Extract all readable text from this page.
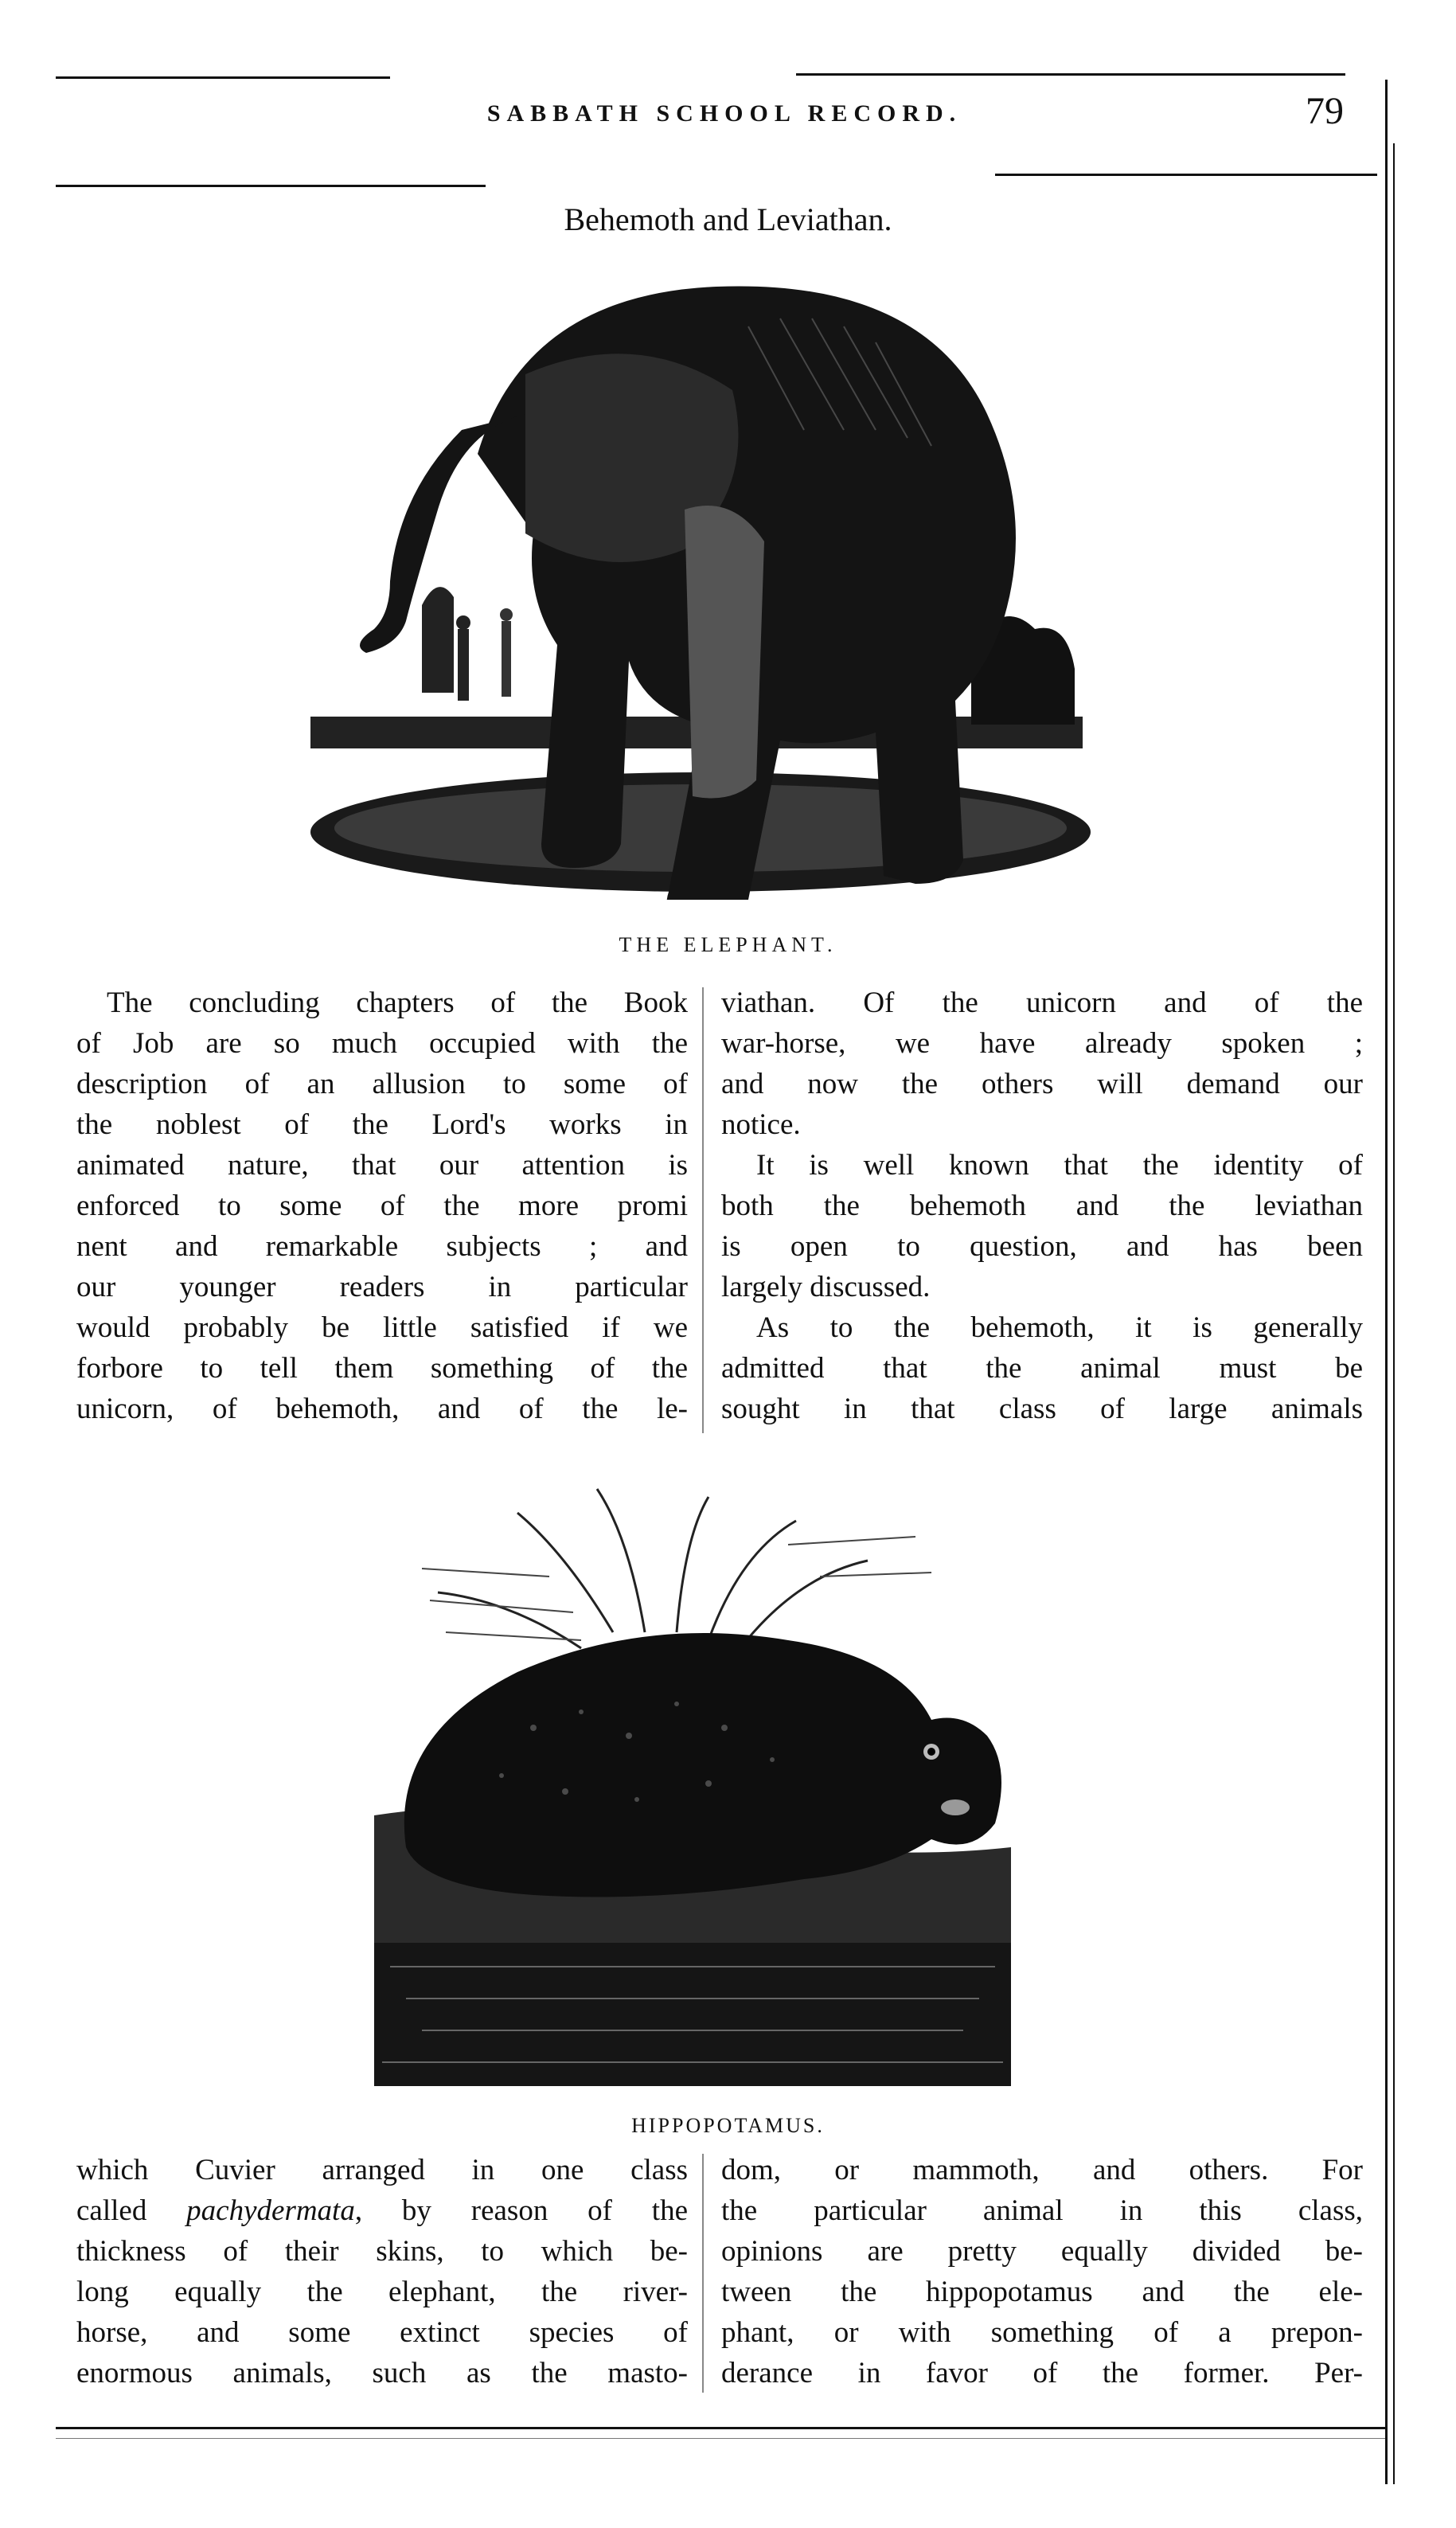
SABBATH SCHOOL RECORD.	79
Behemoth and Leviathan.
THE ELEPHANT.
The concluding chapters of the Book
of Job are so much occupied with the
description of an allusion to some of
the noblest of the Lord's works in
animated nature, that our attention is
enforced to some of the more promi
nent and remarkable subjects ; and
our younger readers in particular
would probably be little satisfied if we
forbore to tell them something of the
unicorn, of behemoth, and of the le-
viathan. Of the unicorn and of the
war-horse, we have already spoken ;
and now the others will demand our
notice.
It is well known that the identity of
both the behemoth and the leviathan
is open to question, and has been
largely discussed.
As to the behemoth, it is generally
admitted that the animal must be
sought in that class of large animals
HIPPOPOTAMUS.
which Cuvier arranged in one class
called pachydermata, by reason of the
thickness of their skins, to which be-
long equally the elephant, the river-
horse, and some extinct species of
enormous animals, such as the masto-
dom, or mammoth, and others. For
the particular animal in this class,
opinions are pretty equally divided be-
tween the hippopotamus and the ele-
phant, or with something of a prepon-
derance in favor of the former. Per-
